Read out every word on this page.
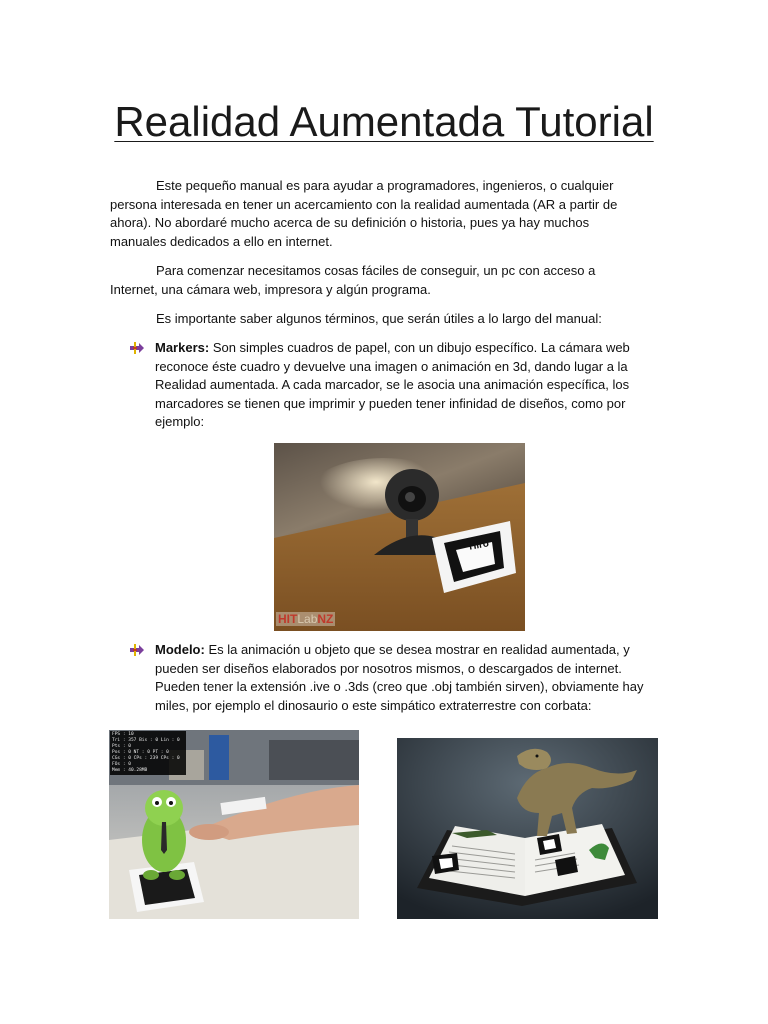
Realidad Aumentada Tutorial

Este pequeño manual es para ayudar a programadores, ingenieros, o cualquier persona interesada en tener un acercamiento con la realidad aumentada (AR a partir de ahora). No abordaré mucho acerca de su definición o historia, pues ya hay muchos manuales dedicados a ello en internet.

Para comenzar necesitamos cosas fáciles de conseguir, un pc con acceso a Internet, una cámara web, impresora y algún programa.

Es importante saber algunos términos, que serán útiles a lo largo del manual:

Markers: Son simples cuadros de papel, con un dibujo específico. La cámara web reconoce éste cuadro y devuelve una imagen o animación en 3d, dando lugar a la Realidad aumentada. A cada marcador, se le asocia una animación específica, los marcadores se tienen que imprimir y pueden tener infinidad de diseños, como por ejemplo:

Hiro
HITLabNZ

Modelo: Es la animación u objeto que se desea mostrar en realidad aumentada, y pueden ser diseños elaborados por nosotros mismos, o descargados de internet. Pueden tener la extensión .ive o .3ds (creo que .obj también sirven), obviamente hay miles, por ejemplo el dinosaurio o este simpático extraterrestre con corbata:

FPS : 10
Tri : 357 Bis : 0 Lin : 0 Pts : 0
Pos : 0 NT : 0 PT : 0
CGs : 0 CPs : 239 CPs : 0 FOs : 0
Mem : 40.28MB
